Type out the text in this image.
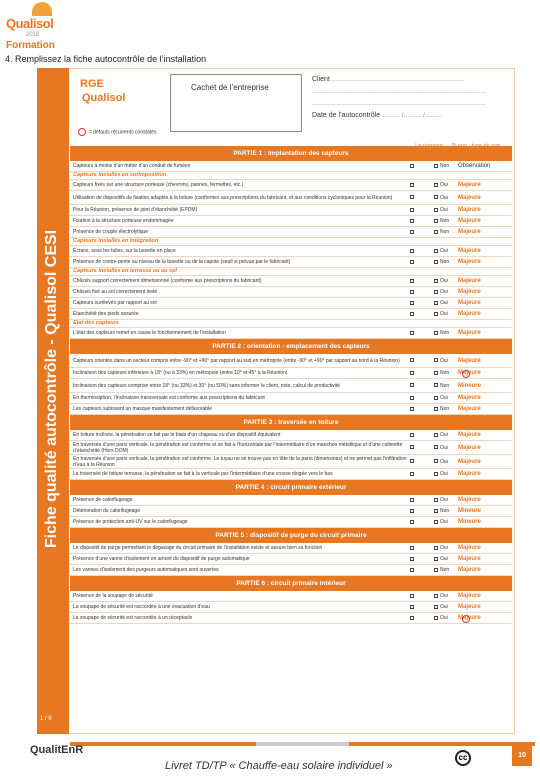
Qualisol
2018
Formation
4. Remplissez la fiche autocontrôle de l’installation
Fiche qualité autocontrôle - Qualisol CESI
1 / 6
RGE
Qualisol
Cachet de l’entreprise
Client …………………………………………………………
……………………………………………………………………………
……………………………………………………………………………
Date de l’autocontrôle ……… /……… /………
= défauts récurrents constatés
PARTIE 1 : implantation des capteurs
Capteurs à moins d’un mètre d’un conduit de fumées	Non	Observation
Capteurs installés en surimposition
Capteurs fixés sur une structure porteuse (chevrons, pannes, fermettes, etc.)	Oui	Majeure
Utilisation de dispositifs de fixation adaptés à la toiture (conformes aux prescriptions du fabricant, et aux conditions cycloniques pour la Réunion)	Oui	Majeure
Pour la Réunion, présence de joint d’étanchéité (EPDM)	Oui	Majeure
Fixation à la structure porteuse endommagée	Non	Majeure
Présence de couple électrolytique	Non	Majeure
Capteurs installés en intégration
Écrans, sous les tuiles, sur la bavette en place	Oui	Majeure
Présence de contre-pente au niveau de la bavette ou de la capote (seuil si prévue par le fabricant)	Non	Majeure
Capteurs installés en terrasse ou au sol
Châssis support correctement dimensionné (conforme aux prescriptions du fabricant)	Oui	Majeure
Châssis fixé au sol correctement lesté	Oui	Majeure
Capteurs surélevés par rapport au sol	Oui	Majeure
Étanchéité des pieds assurée	Oui	Majeure
État des capteurs
L’état des capteurs remet en cause le fonctionnement de l’installation	Non	Majeure
PARTIE 2 : orientation - emplacement des capteurs
Capteurs orientés dans un secteur compris entre -90° et +90° par rapport au sud en métropole (entre -90° et +90° par rapport au nord à la Réunion)	Oui	Majeure
Inclinaison des capteurs inférieure à 18° (ou à 33%) en métropole (entre 10° et 45° à la Réunion)	Non	Majeure
Inclinaison des capteurs comprise entre 18° (ou 33%) et 30° (ou 50%) sans informer le client, note, calcul de productivité	Non	Mineure
En thermosiphon, l’inclinaison transversale est conforme aux prescriptions du fabricant	Oui	Majeure
Les capteurs subissent un masque manifestement défavorable	Non	Majeure
PARTIE 3 : traversée en toiture
En toiture inclinée, la pénétration se fait par le biais d’un chapeau ou d’un dispositif équivalent	Oui	Majeure
En traversée d’une paroi verticale, la pénétration est conforme et se fait à l’horizontale par l’intermédiaire d’un manchon métallique et d’une collerette d’étanchéité (Hors DOM)	Oui	Majeure
En traversée d’une paroi verticale, la pénétration est conforme. Le tuyau ne se trouve pas en tête de la paroi (dimensions) et ne permet pas l’infiltration d’eau à la Réunion	Oui	Majeure
La traversée de toiture terrasse, la pénétration se fait à la verticale par l’intermédiaire d’une crosse dirigée vers le bas	Oui	Majeure
PARTIE 4 : circuit primaire extérieur
Présence de calorifugeage	Oui	Majeure
Détérioration du calorifugeage	Non	Mineure
Présence de protection anti-UV sur le calorifugeage	Oui	Mineure
PARTIE 5 : dispositif de purge du circuit primaire
Le dispositif de purge permettant le dégazage du circuit primaire de l’installation existe et assure bien sa fonction	Oui	Majeure
Présence d’une vanne d’isolement en amont du dispositif de purge automatique	Oui	Majeure
Les vannes d’isolement des purgeurs automatiques sont ouvertes	Non	Majeure
PARTIE 6 : circuit primaire intérieur
Présence de la soupape de sécurité	Oui	Majeure
La soupape de sécurité est raccordée à une évacuation d’eau	Oui	Majeure
La soupape de sécurité est raccordée à un réceptacle	Oui	Majeure
QualitEnR
Livret TD/TP « Chauffe-eau solaire individuel »
cc	10
